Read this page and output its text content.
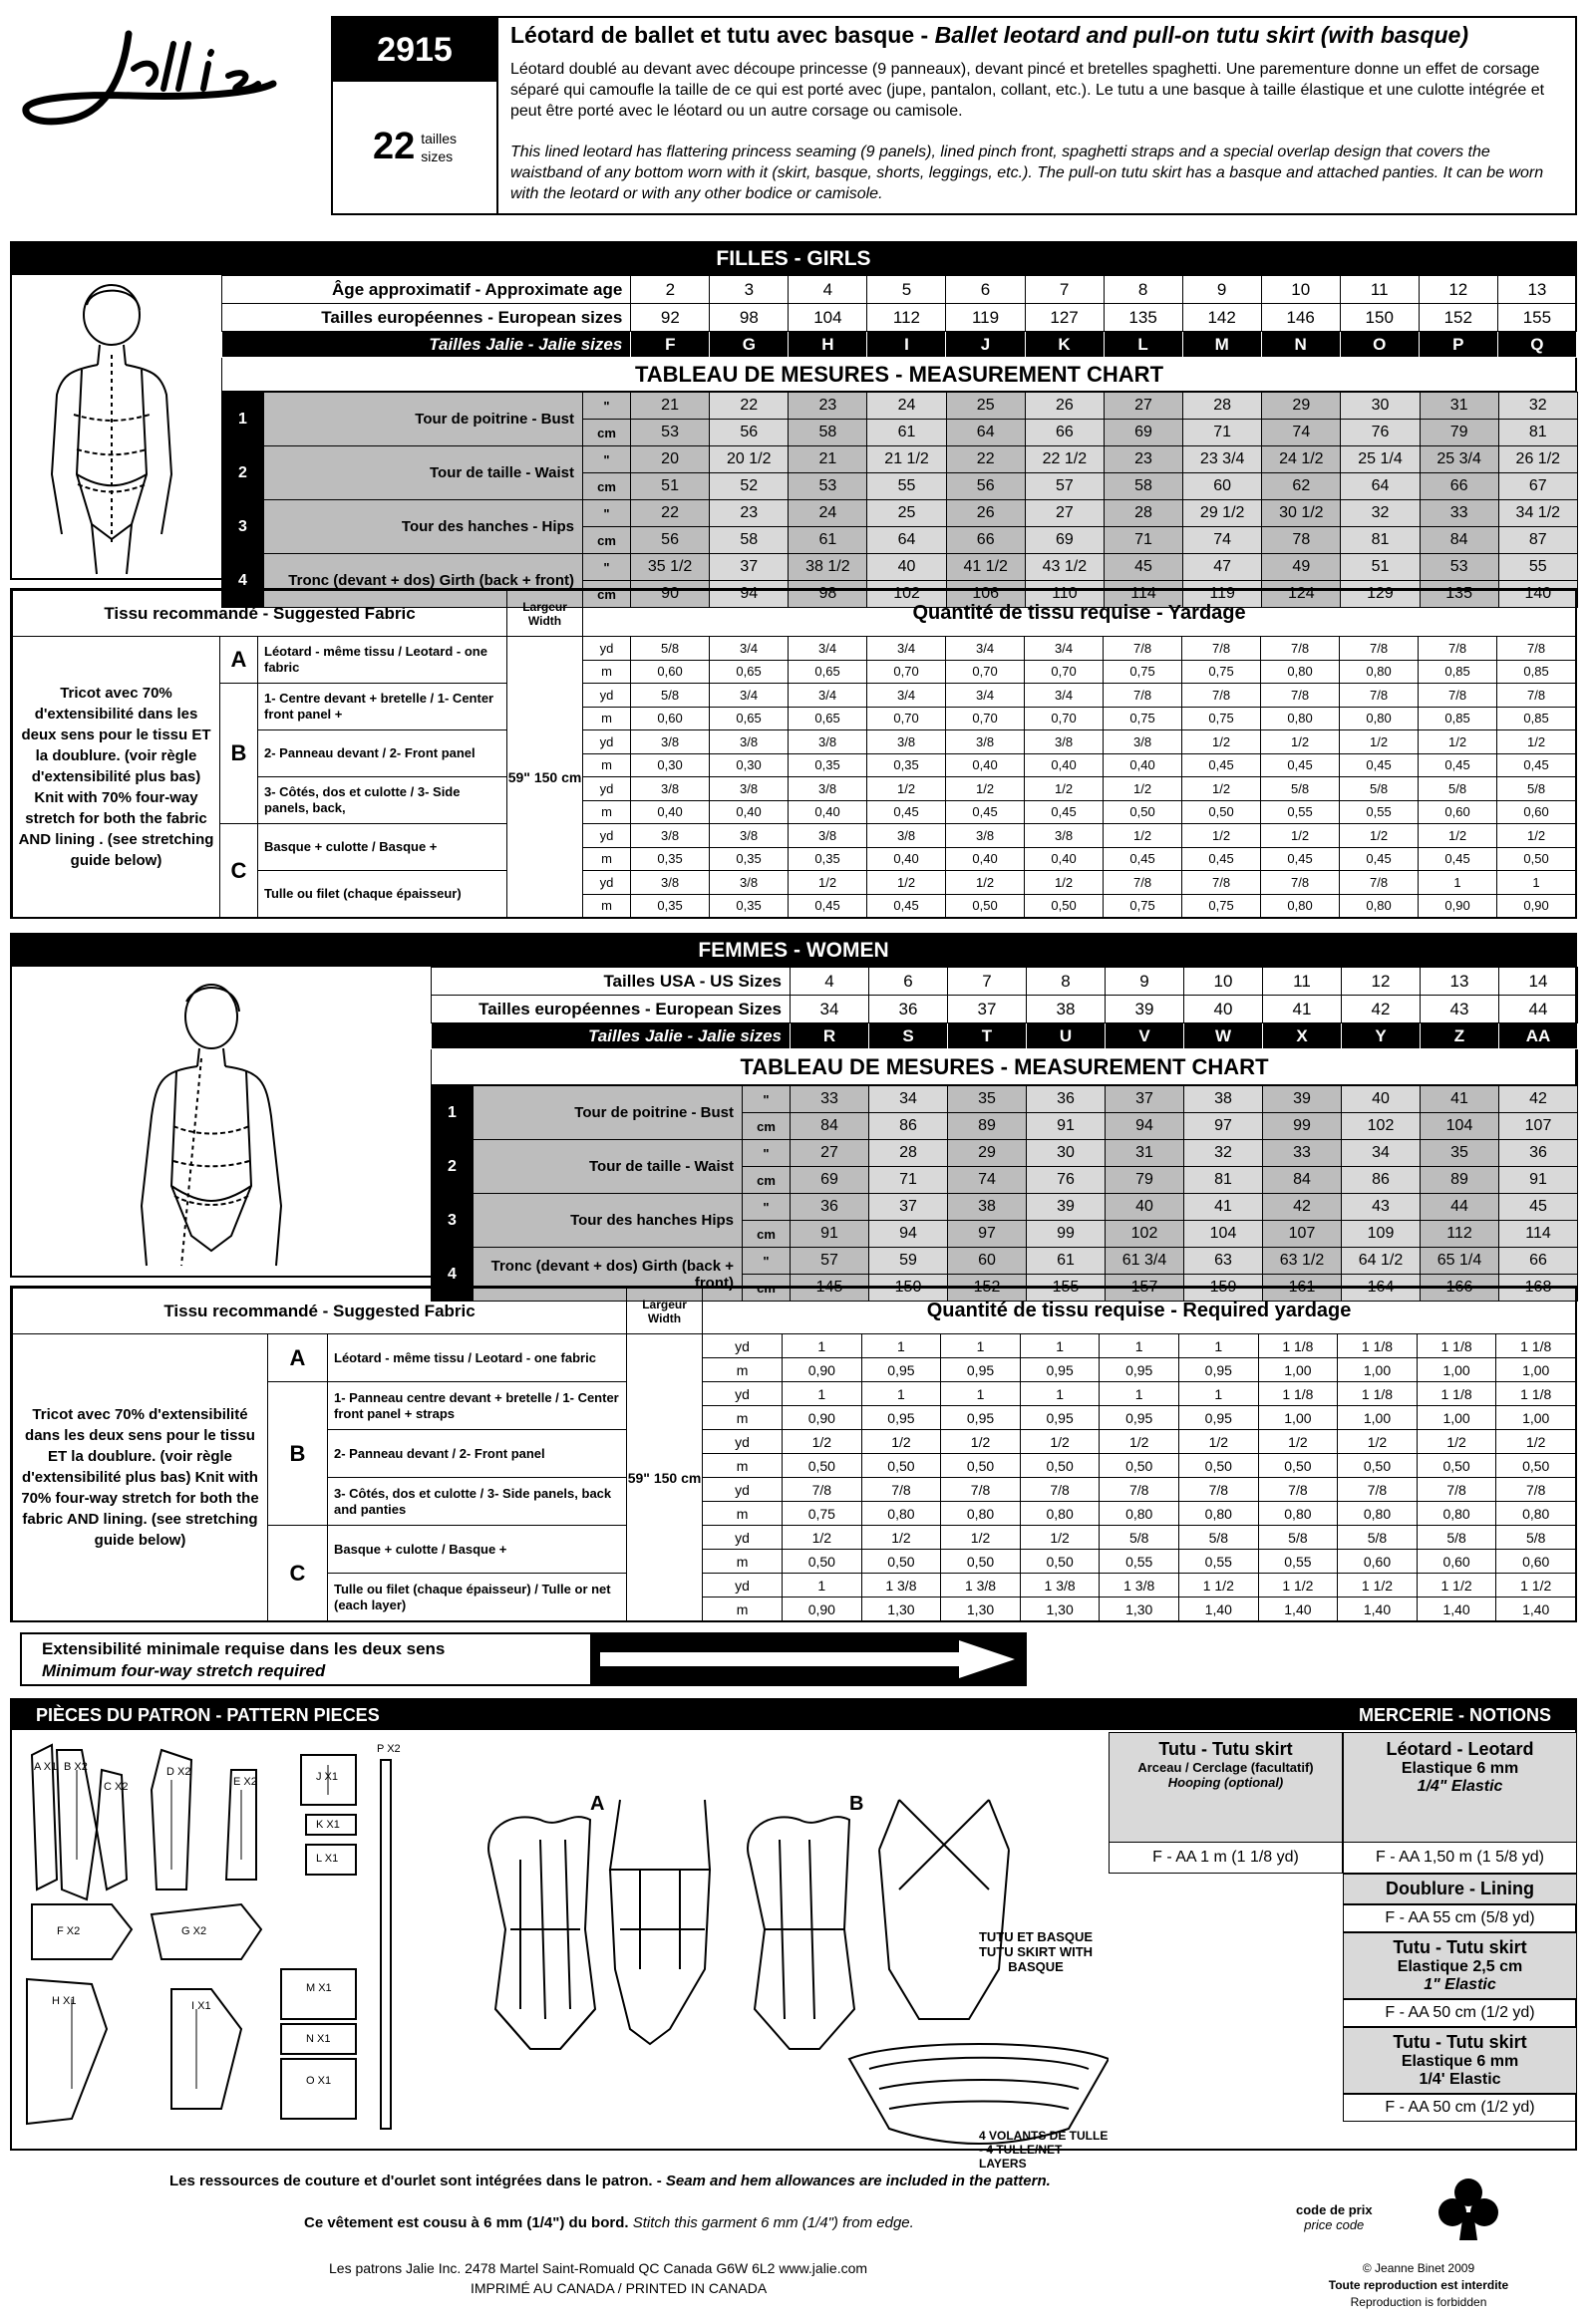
2915
22 tailles
sizes
Léotard de ballet et tutu avec basque - Ballet leotard and pull-on tutu skirt (with basque)
Léotard doublé au devant avec découpe princesse (9 panneaux), devant pincé et bretelles spaghetti. Une parementure donne un effet de corsage séparé qui camoufle la taille de ce qui est porté avec (jupe, pantalon, collant, etc.). Le tutu a une basque à taille élastique et une culotte intégrée et peut être porté avec le léotard ou un autre corsage ou camisole.
This lined leotard has flattering princess seaming (9 panels), lined pinch front, spaghetti straps and a special overlap design that covers the waistband of any bottom worn with it (skirt, basque, shorts, leggings, etc.). The pull-on tutu skirt has a basque and attached panties. It can be worn with the leotard or with any other bodice or camisole.
FILLES - GIRLS
Âge approximatif - Approximate age	2	3	4	5	6	7	8	9	10	11	12	13
Tailles européennes - European sizes	92	98	104	112	119	127	135	142	146	150	152	155
Tailles Jalie - Jalie sizes	F	G	H	I	J	K	L	M	N	O	P	Q
TABLEAU DE MESURES - MEASUREMENT CHART												
1	Tour de poitrine - Bust	"	21	22	23	24	25	26	27	28	29	30	31	32
		cm	53	56	58	61	64	66	69	71	74	76	79	81
2	Tour de taille - Waist	"	20	20 1/2	21	21 1/2	22	22 1/2	23	23 3/4	24 1/2	25 1/4	25 3/4	26 1/2
		cm	51	52	53	55	56	57	58	60	62	64	66	67
3	Tour des hanches - Hips	"	22	23	24	25	26	27	28	29 1/2	30 1/2	32	33	34 1/2
		cm	56	58	61	64	66	69	71	74	78	81	84	87
4	Tronc (devant + dos) Girth (back + front)	"	35 1/2	37	38 1/2	40	41 1/2	43 1/2	45	47	49	51	53	55
		cm	90	94	98	102	106	110	114	119	124	129	135	140
Tissu recommandé - Suggested Fabric			Largeur Width	Quantité de tissu requise - Yardage												
Tricot avec 70% d'extensibilité dans les deux sens pour le tissu ET la doublure. (voir règle d'extensibilité plus bas) Knit with 70% four-way stretch for both the fabric AND lining . (see stretching guide below)	A	Léotard - même tissu / Leotard - one fabric	59" 150 cm	yd	5/8	3/4	3/4	3/4	3/4	3/4	7/8	7/8	7/8	7/8	7/8	7/8
				m	0,60	0,65	0,65	0,70	0,70	0,70	0,75	0,75	0,80	0,80	0,85	0,85
	B	1- Centre devant + bretelle / 1- Center front panel +		yd	5/8	3/4	3/4	3/4	3/4	3/4	7/8	7/8	7/8	7/8	7/8	7/8
				m	0,60	0,65	0,65	0,70	0,70	0,70	0,75	0,75	0,80	0,80	0,85	0,85
		2- Panneau devant / 2- Front panel		yd	3/8	3/8	3/8	3/8	3/8	3/8	3/8	1/2	1/2	1/2	1/2	1/2
				m	0,30	0,30	0,35	0,35	0,40	0,40	0,40	0,45	0,45	0,45	0,45	0,45
		3- Côtés, dos et culotte / 3- Side panels, back,		yd	3/8	3/8	3/8	1/2	1/2	1/2	1/2	1/2	5/8	5/8	5/8	5/8
				m	0,40	0,40	0,40	0,45	0,45	0,45	0,50	0,50	0,55	0,55	0,60	0,60
	C	Basque + culotte / Basque +		yd	3/8	3/8	3/8	3/8	3/8	3/8	1/2	1/2	1/2	1/2	1/2	1/2
				m	0,35	0,35	0,35	0,40	0,40	0,40	0,45	0,45	0,45	0,45	0,45	0,50
		Tulle ou filet (chaque épaisseur)		yd	3/8	3/8	1/2	1/2	1/2	1/2	7/8	7/8	7/8	7/8	1	1
				m	0,35	0,35	0,45	0,45	0,50	0,50	0,75	0,75	0,80	0,80	0,90	0,90
FEMMES - WOMEN
Tailles USA - US Sizes	4	6	7	8	9	10	11	12	13	14
Tailles européennes - European Sizes	34	36	37	38	39	40	41	42	43	44
Tailles Jalie - Jalie sizes	R	S	T	U	V	W	X	Y	Z	AA
TABLEAU DE MESURES - MEASUREMENT CHART										
1	Tour de poitrine - Bust	"	33	34	35	36	37	38	39	40	41	42
		cm	84	86	89	91	94	97	99	102	104	107
2	Tour de taille - Waist	"	27	28	29	30	31	32	33	34	35	36
		cm	69	71	74	76	79	81	84	86	89	91
3	Tour des hanches Hips	"	36	37	38	39	40	41	42	43	44	45
		cm	91	94	97	99	102	104	107	109	112	114
4	Tronc (devant + dos) Girth (back + front)	"	57	59	60	61	61 3/4	63	63 1/2	64 1/2	65 1/4	66
		cm	145	150	152	155	157	159	161	164	166	168
Tissu recommandé - Suggested Fabric			Largeur Width	Quantité de tissu requise - Required yardage										
Tricot avec 70% d'extensibilité dans les deux sens pour le tissu ET la doublure. (voir règle d'extensibilité plus bas) Knit with 70% four-way stretch for both the fabric AND lining. (see stretching guide below)	A	Léotard - même tissu / Leotard - one fabric	59" 150 cm	yd	1	1	1	1	1	1	1 1/8	1 1/8	1 1/8	1 1/8
				m	0,90	0,95	0,95	0,95	0,95	0,95	1,00	1,00	1,00	1,00
	B	1- Panneau centre devant + bretelle / 1- Center front panel + straps		yd	1	1	1	1	1	1	1 1/8	1 1/8	1 1/8	1 1/8
				m	0,90	0,95	0,95	0,95	0,95	0,95	1,00	1,00	1,00	1,00
		2- Panneau devant / 2- Front panel		yd	1/2	1/2	1/2	1/2	1/2	1/2	1/2	1/2	1/2	1/2
				m	0,50	0,50	0,50	0,50	0,50	0,50	0,50	0,50	0,50	0,50
		3- Côtés, dos et culotte / 3- Side panels, back and panties		yd	7/8	7/8	7/8	7/8	7/8	7/8	7/8	7/8	7/8	7/8
				m	0,75	0,80	0,80	0,80	0,80	0,80	0,80	0,80	0,80	0,80
	C	Basque + culotte / Basque +		yd	1/2	1/2	1/2	1/2	5/8	5/8	5/8	5/8	5/8	5/8
				m	0,50	0,50	0,50	0,50	0,55	0,55	0,55	0,60	0,60	0,60
		Tulle ou filet (chaque épaisseur) / Tulle or net (each layer)		yd	1	1 3/8	1 3/8	1 3/8	1 3/8	1 1/2	1 1/2	1 1/2	1 1/2	1 1/2
				m	0,90	1,30	1,30	1,30	1,30	1,40	1,40	1,40	1,40	1,40
Extensibilité minimale requise dans les deux sens
Minimum four-way stretch required
PIÈCES DU PATRON - PATTERN PIECES	MERCERIE - NOTIONS
A X1 B X2
C X2
D X2
E X2	J X1
K X1
L X1
F X2	G X2
H X1	I X1
M X1
N X1
O X1
P X2
A	B
TUTU ET BASQUE
TUTU SKIRT WITH BASQUE
4 VOLANTS DE TULLE - 4 TULLE/NET LAYERS
Tutu - Tutu skirt
Arceau / Cerclage (facultatif)
Hooping (optional)
F - AA 1 m (1 1/8 yd)
Léotard - Leotard
Elastique 6 mm
1/4" Elastic
F - AA 1,50 m (1 5/8 yd)
Doublure - Lining
F - AA 55 cm (5/8 yd)
Tutu - Tutu skirt
Elastique 2,5 cm
1" Elastic
F - AA 50 cm (1/2 yd)
Tutu - Tutu skirt
Elastique 6 mm
1/4' Elastic
F - AA 50 cm (1/2 yd)
Les ressources de couture et d'ourlet sont intégrées dans le patron. - Seam and hem allowances are included in the pattern.
Ce vêtement est cousu à 6 mm (1/4") du bord. Stitch this garment 6 mm (1/4") from edge.
Les patrons Jalie Inc. 2478 Martel Saint-Romuald QC Canada G6W 6L2 www.jalie.com
IMPRIMÉ AU CANADA / PRINTED IN CANADA
code de prix
price code
© Jeanne Binet 2009
Toute reproduction est interdite
Reproduction is forbidden
